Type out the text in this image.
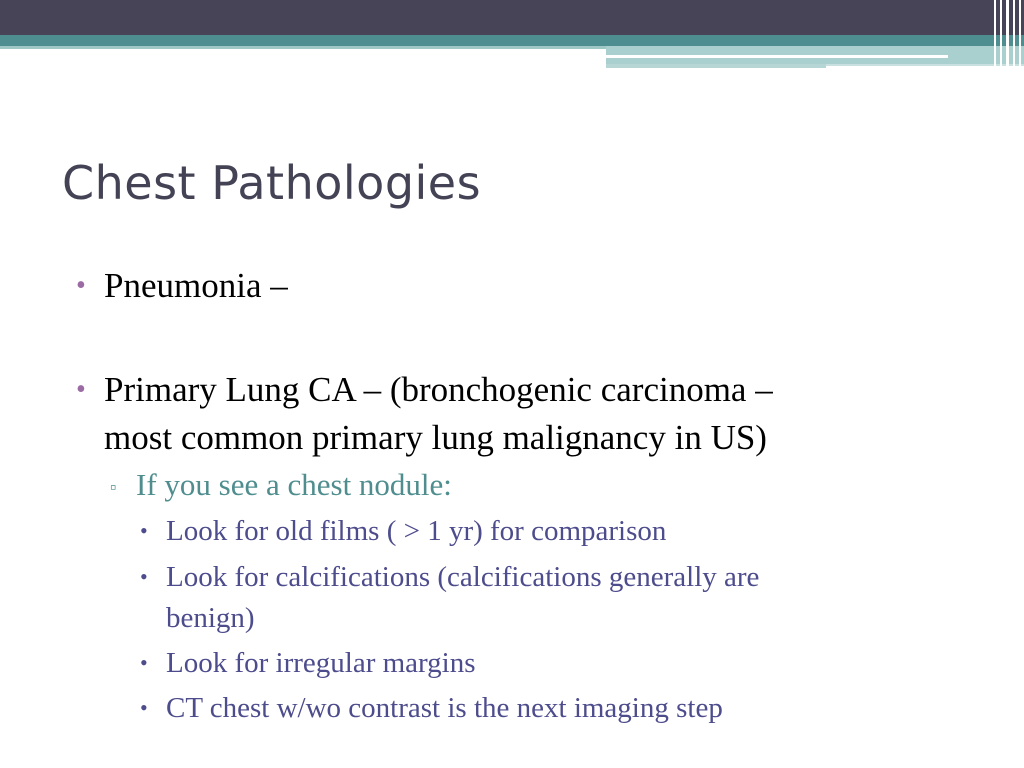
Chest Pathologies
• Pneumonia –
• Primary Lung CA – (bronchogenic carcinoma –
most common primary lung malignancy in US)
▫ If you see a chest nodule:
• Look for old films ( > 1 yr) for comparison
• Look for calcifications (calcifications generally are
benign)
• Look for irregular margins
• CT chest w/wo contrast is the next imaging step
